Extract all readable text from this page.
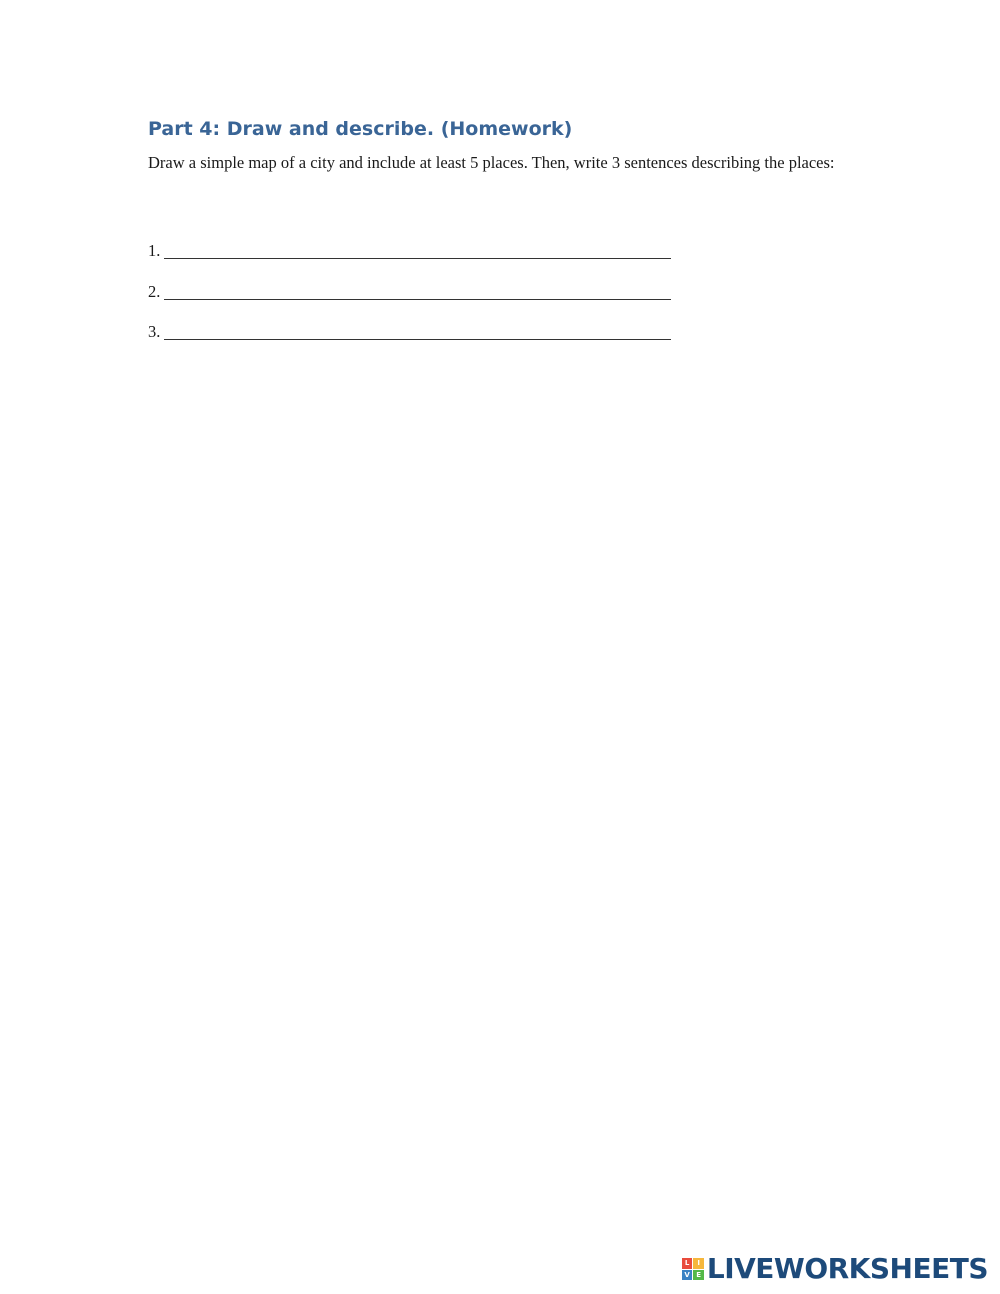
Part 4: Draw and describe. (Homework)
Draw a simple map of a city and include at least 5 places. Then, write 3 sentences describing the places:
1.
2.
3.
L	I
V E LIVEWORKSHEETS
